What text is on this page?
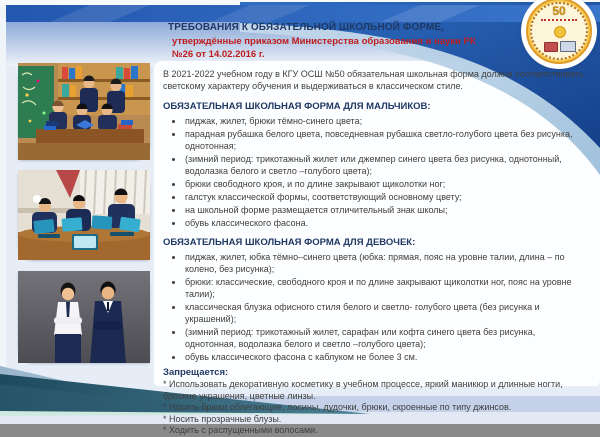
50
ТРЕБОВАНИЯ К ОБЯЗАТЕЛЬНОЙ ШКОЛЬНОЙ ФОРМЕ,
утверждённые приказом Министерства образования и науки РК
№26 от 14.02.2016 г.

В 2021-2022 учебном году в КГУ ОСШ №50 обязательная школьная форма должна соответствовать светскому характеру обучения и выдерживаться в классическом стиле.

ОБЯЗАТЕЛЬНАЯ ШКОЛЬНАЯ ФОРМА ДЛЯ МАЛЬЧИКОВ:
• пиджак, жилет, брюки тёмно-синего цвета;
• парадная рубашка белого цвета, повседневная рубашка светло-голубого цвета без рисунка, однотонная;
• (зимний период: трикотажный жилет или джемпер синего цвета без рисунка, однотонный, водолазка белого и светло –голубого цвета);
• брюки свободного кроя, и по длине закрывают щиколотки ног;
• галстук классической формы, соответствующий основному цвету;
• на школьной форме размещается отличительный знак школы;
• обувь классического фасона.
ОБЯЗАТЕЛЬНАЯ ШКОЛЬНАЯ ФОРМА ДЛЯ ДЕВОЧЕК:
• пиджак, жилет, юбка тёмно–синего цвета (юбка: прямая, пояс на уровне талии, длина – по колено, без рисунка);
• брюки: классические, свободного кроя и по длине закрывают щиколотки ног, пояс на уровне талии);
• классическая блузка офисного стиля белого и светло- голубого цвета (без рисунка и украшений);
• (зимний период: трикотажный жилет, сарафан или кофта синего цвета без рисунка, однотонная, водолазка белого и светло –голубого цвета);
• обувь классического фасона с каблуком не более 3 см.
Запрещается:

* Использовать декоративную косметику в учебном процессе, яркий маникюр и длинные ногти, броские украшения, цветные линзы.

* Носить брюки облегающие, лосины, дудочки, брюки, скроенные по типу джинсов.

* Носить прозрачные блузы.

* Ходить с распущенными волосами.
